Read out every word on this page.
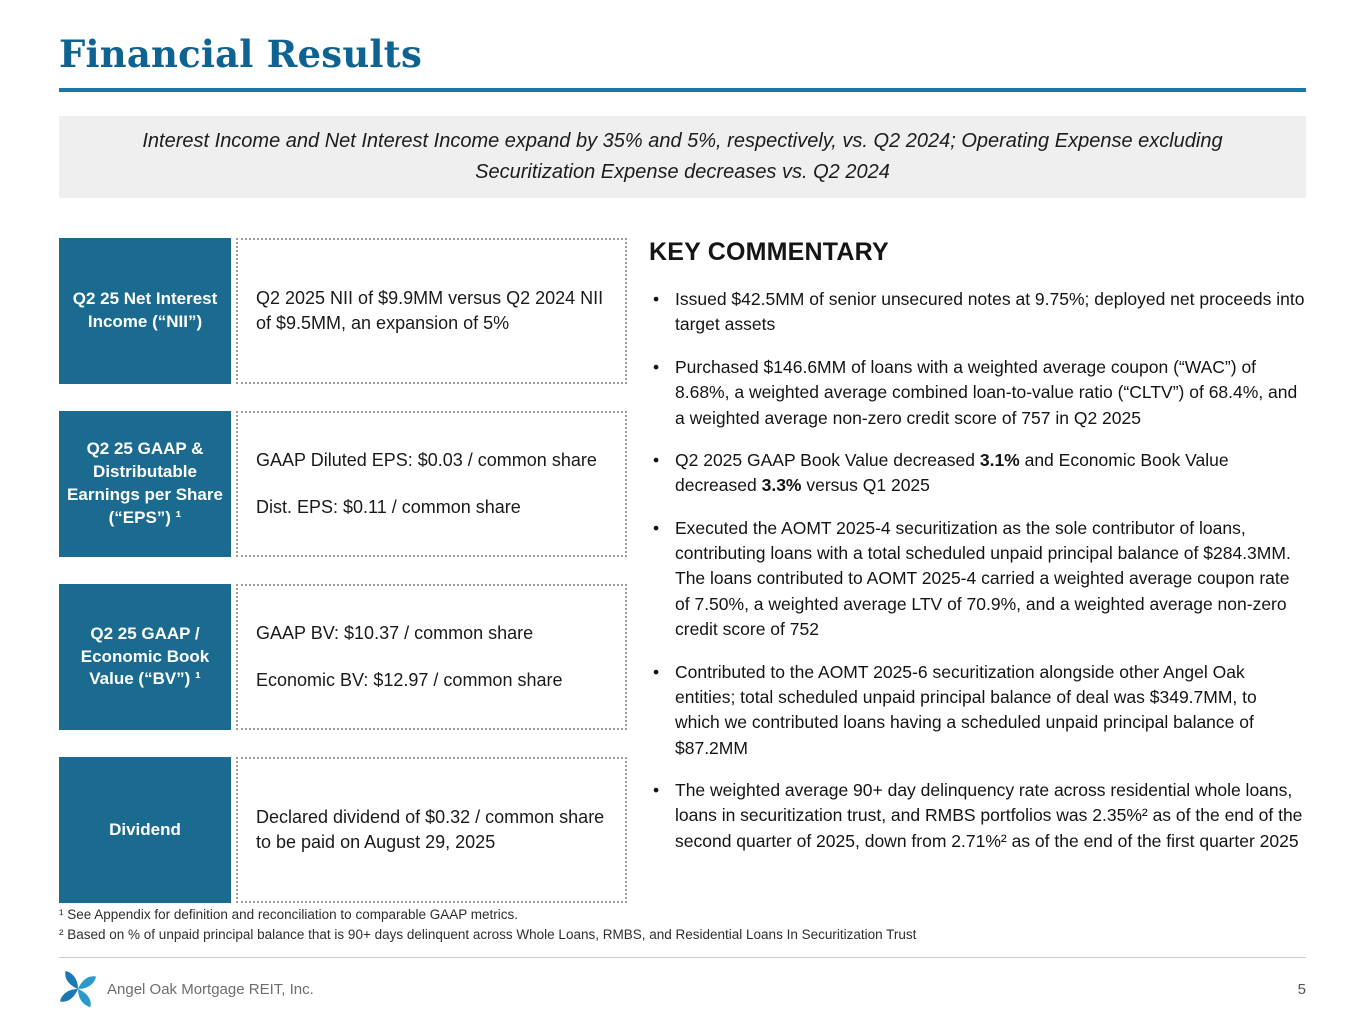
Financial Results
Interest Income and Net Interest Income expand by 35% and 5%, respectively, vs. Q2 2024; Operating Expense excluding Securitization Expense decreases vs. Q2 2024
Q2 25 Net Interest Income (“NII”)

Q2 2025 NII of $9.9MM versus Q2 2024 NII of $9.5MM, an expansion of 5%

Q2 25 GAAP & Distributable Earnings per Share (“EPS”) ¹

GAAP Diluted EPS: $0.03 / common share

Dist. EPS: $0.11 / common share

Q2 25 GAAP / Economic Book Value (“BV”) ¹

GAAP BV: $10.37 / common share

Economic BV: $12.97 / common share

Dividend

Declared dividend of $0.32 / common share to be paid on August 29, 2025

KEY COMMENTARY
• Issued $42.5MM of senior unsecured notes at 9.75%; deployed net proceeds into target assets
• Purchased $146.6MM of loans with a weighted average coupon (“WAC”) of 8.68%, a weighted average combined loan-to-value ratio (“CLTV”) of 68.4%, and a weighted average non-zero credit score of 757 in Q2 2025
• Q2 2025 GAAP Book Value decreased 3.1% and Economic Book Value decreased 3.3% versus Q1 2025
• Executed the AOMT 2025-4 securitization as the sole contributor of loans, contributing loans with a total scheduled unpaid principal balance of $284.3MM. The loans contributed to AOMT 2025-4 carried a weighted average coupon rate of 7.50%, a weighted average LTV of 70.9%, and a weighted average non-zero credit score of 752
• Contributed to the AOMT 2025-6 securitization alongside other Angel Oak entities; total scheduled unpaid principal balance of deal was $349.7MM, to which we contributed loans having a scheduled unpaid principal balance of $87.2MM
• The weighted average 90+ day delinquency rate across residential whole loans, loans in securitization trust, and RMBS portfolios was 2.35%² as of the end of the second quarter of 2025, down from 2.71%² as of the end of the first quarter 2025

¹ See Appendix for definition and reconciliation to comparable GAAP metrics.

² Based on % of unpaid principal balance that is 90+ days delinquent across Whole Loans, RMBS, and Residential Loans In Securitization Trust

Angel Oak Mortgage REIT, Inc.	5
